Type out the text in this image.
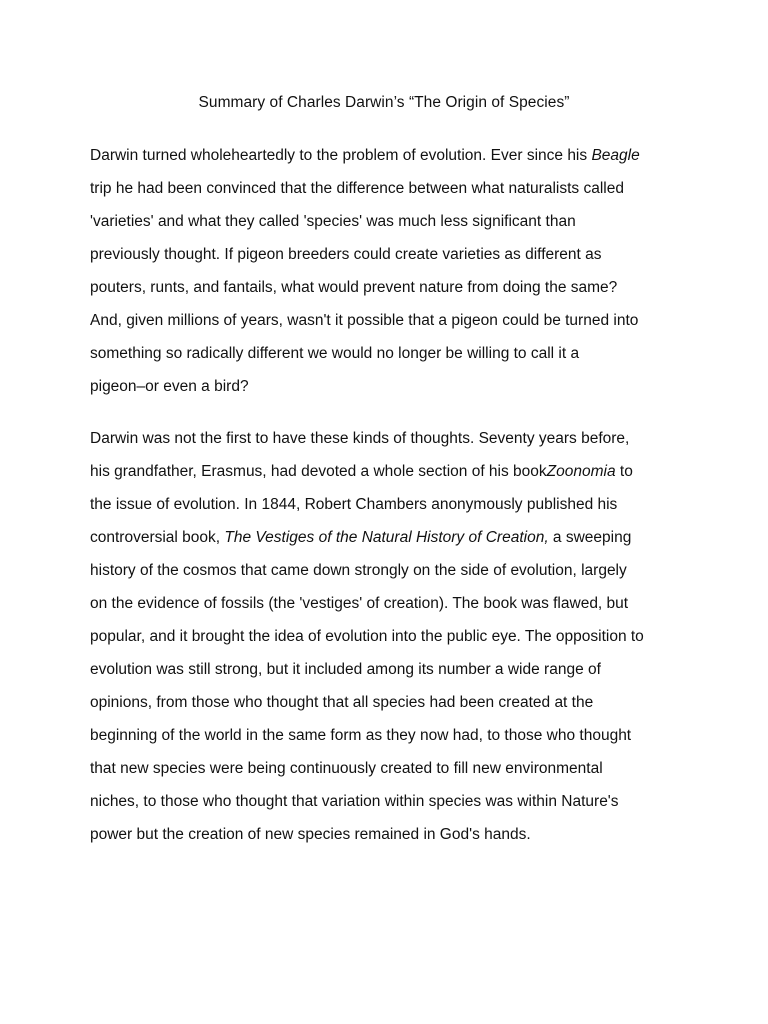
Summary of Charles Darwin’s “The Origin of Species”
Darwin turned wholeheartedly to the problem of evolution. Ever since his Beagle
trip he had been convinced that the difference between what naturalists called
'varieties' and what they called 'species' was much less significant than
previously thought. If pigeon breeders could create varieties as different as
pouters, runts, and fantails, what would prevent nature from doing the same?
And, given millions of years, wasn't it possible that a pigeon could be turned into
something so radically different we would no longer be willing to call it a
pigeon–or even a bird?
Darwin was not the first to have these kinds of thoughts. Seventy years before,
his grandfather, Erasmus, had devoted a whole section of his bookZoonomia to
the issue of evolution. In 1844, Robert Chambers anonymously published his
controversial book, The Vestiges of the Natural History of Creation, a sweeping
history of the cosmos that came down strongly on the side of evolution, largely
on the evidence of fossils (the 'vestiges' of creation). The book was flawed, but
popular, and it brought the idea of evolution into the public eye. The opposition to
evolution was still strong, but it included among its number a wide range of
opinions, from those who thought that all species had been created at the
beginning of the world in the same form as they now had, to those who thought
that new species were being continuously created to fill new environmental
niches, to those who thought that variation within species was within Nature's
power but the creation of new species remained in God's hands.
